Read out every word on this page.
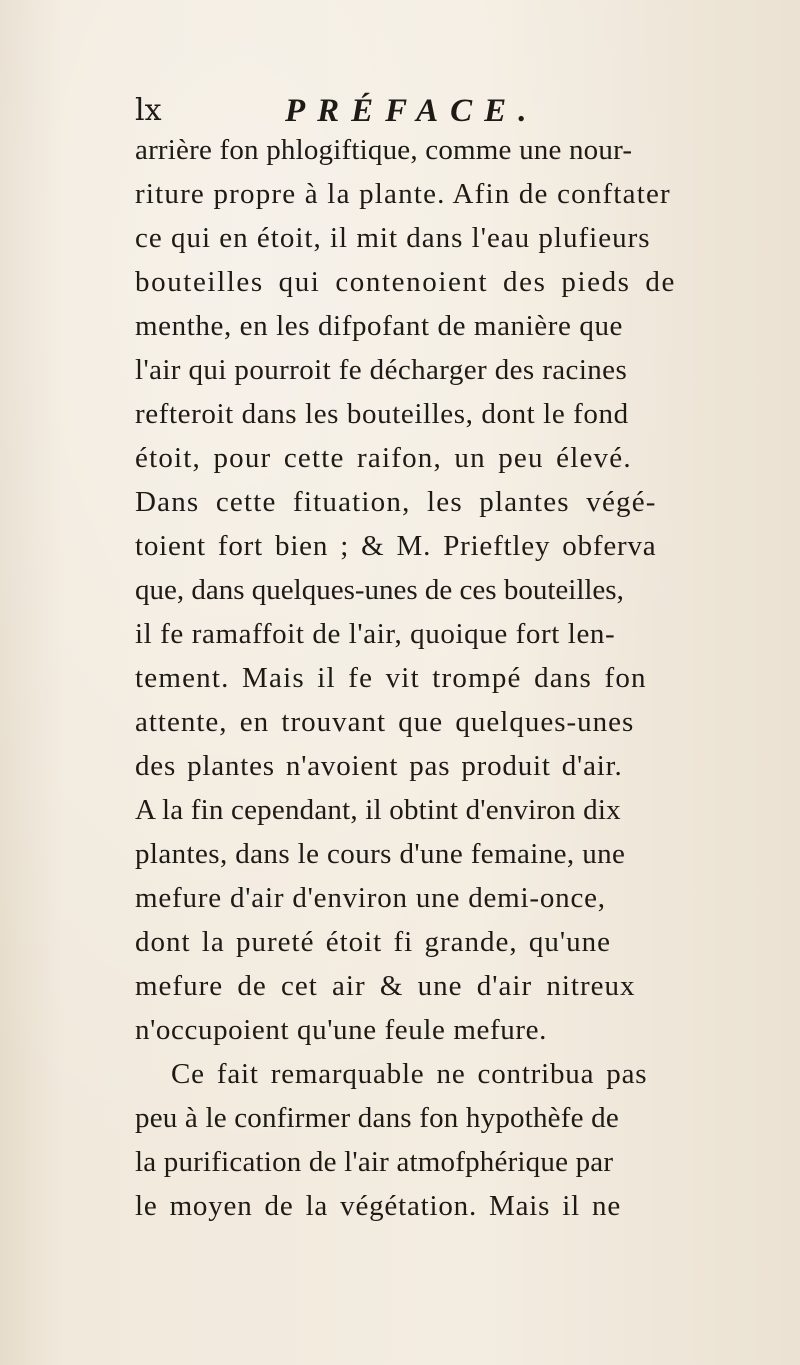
lx	PRÉFACE.
arrière fon phlogiftique, comme une nour-
riture propre à la plante. Afin de conftater
ce qui en étoit, il mit dans l'eau plufieurs
bouteilles qui contenoient des pieds de
menthe, en les difpofant de manière que
l'air qui pourroit fe décharger des racines
refteroit dans les bouteilles, dont le fond
étoit, pour cette raifon, un peu élevé.
Dans cette fituation, les plantes végé-
toient fort bien ; & M. Prieftley obferva
que, dans quelques-unes de ces bouteilles,
il fe ramaffoit de l'air, quoique fort len-
tement. Mais il fe vit trompé dans fon
attente, en trouvant que quelques-unes
des plantes n'avoient pas produit d'air.
A la fin cependant, il obtint d'environ dix
plantes, dans le cours d'une femaine, une
mefure d'air d'environ une demi-once,
dont la pureté étoit fi grande, qu'une
mefure de cet air & une d'air nitreux
n'occupoient qu'une feule mefure.
Ce fait remarquable ne contribua pas
peu à le confirmer dans fon hypothèfe de
la purification de l'air atmofphérique par
le moyen de la végétation. Mais il ne
